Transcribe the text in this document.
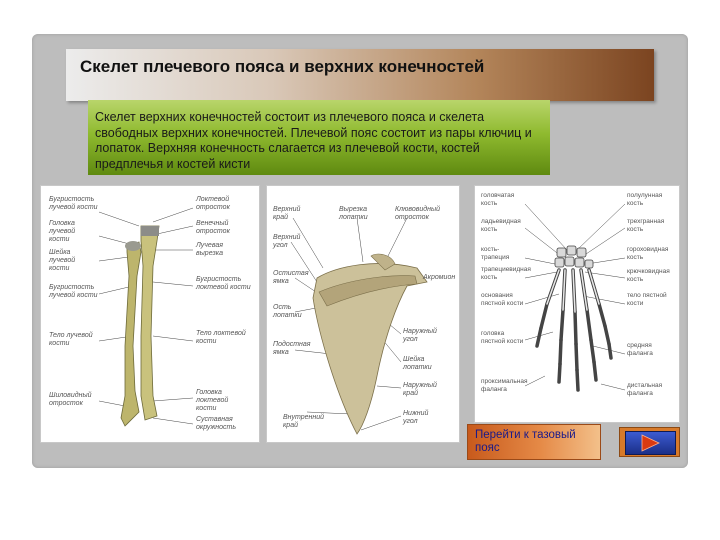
Скелет плечевого пояса и верхних конечностей

Скелет верхних конечностей состоит из плечевого пояса и скелета свободных верхних конечностей. Плечевой пояс состоит из пары ключиц и лопаток. Верхняя конечность слагается из плечевой кости, костей предплечья и костей кисти

Бугристость лучевой кости
Головка лучевой кости
Шейка лучевой кости
Бугристость лучевой кости
Тело лучевой кости
Шиловидный отросток
Локтевой отросток
Венечный отросток
Лучевая вырезка
Бугристость локтевой кости
Тело локтевой кости
Головка локтевой кости
Суставная окружность
Верхний край
Вырезка лопатки
Клювовидный отросток
Верхний угол
Остистая ямка
Ость лопатки
Подостная ямка
Внутренний край
Акромион
Наружный угол
Шейка лопатки
Наружный край
Нижний угол
головчатая кость
ладьевидная кость
кость-трапеция
трапециевидная кость
основания пястной кости
головка пястной кости
проксимальная фаланга
полулунная кость
трехгранная кость
гороховидная кость
крючковидная кость
тело пястной кости
средняя фаланга
дистальная фаланга
Перейти к тазовый пояс
